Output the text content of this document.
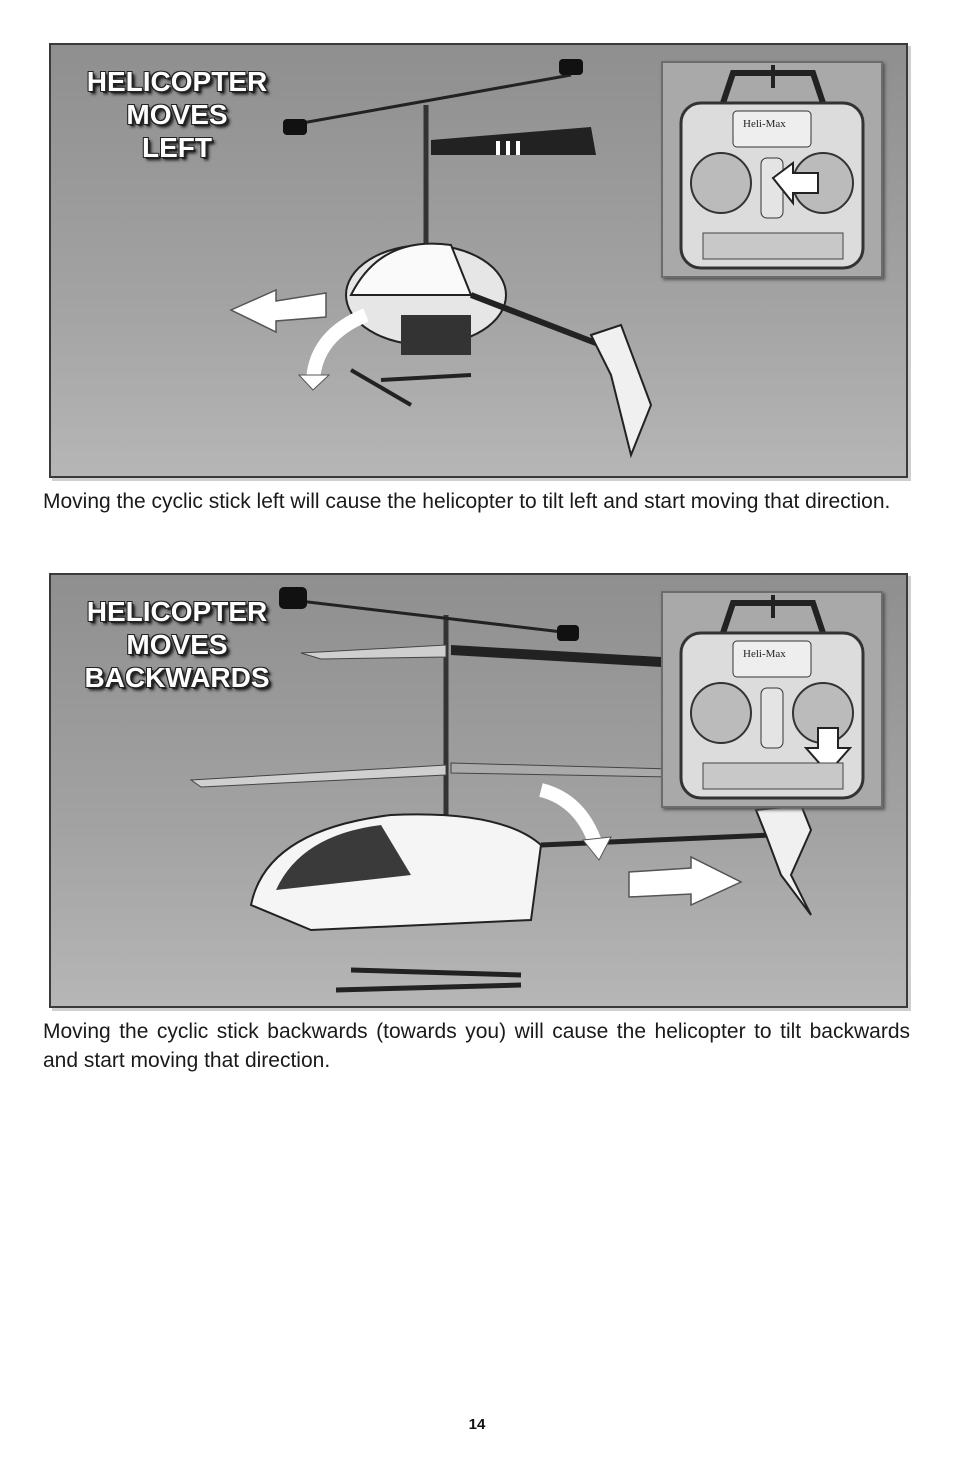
HELICOPTER
MOVES
LEFT
Heli-Max
Moving the cyclic stick left will cause the helicopter to tilt left and start moving that direction.
HELICOPTER
MOVES
BACKWARDS
Heli-Max
Moving the cyclic stick backwards (towards you) will cause the helicopter to tilt backwards and start moving that direction.
14
